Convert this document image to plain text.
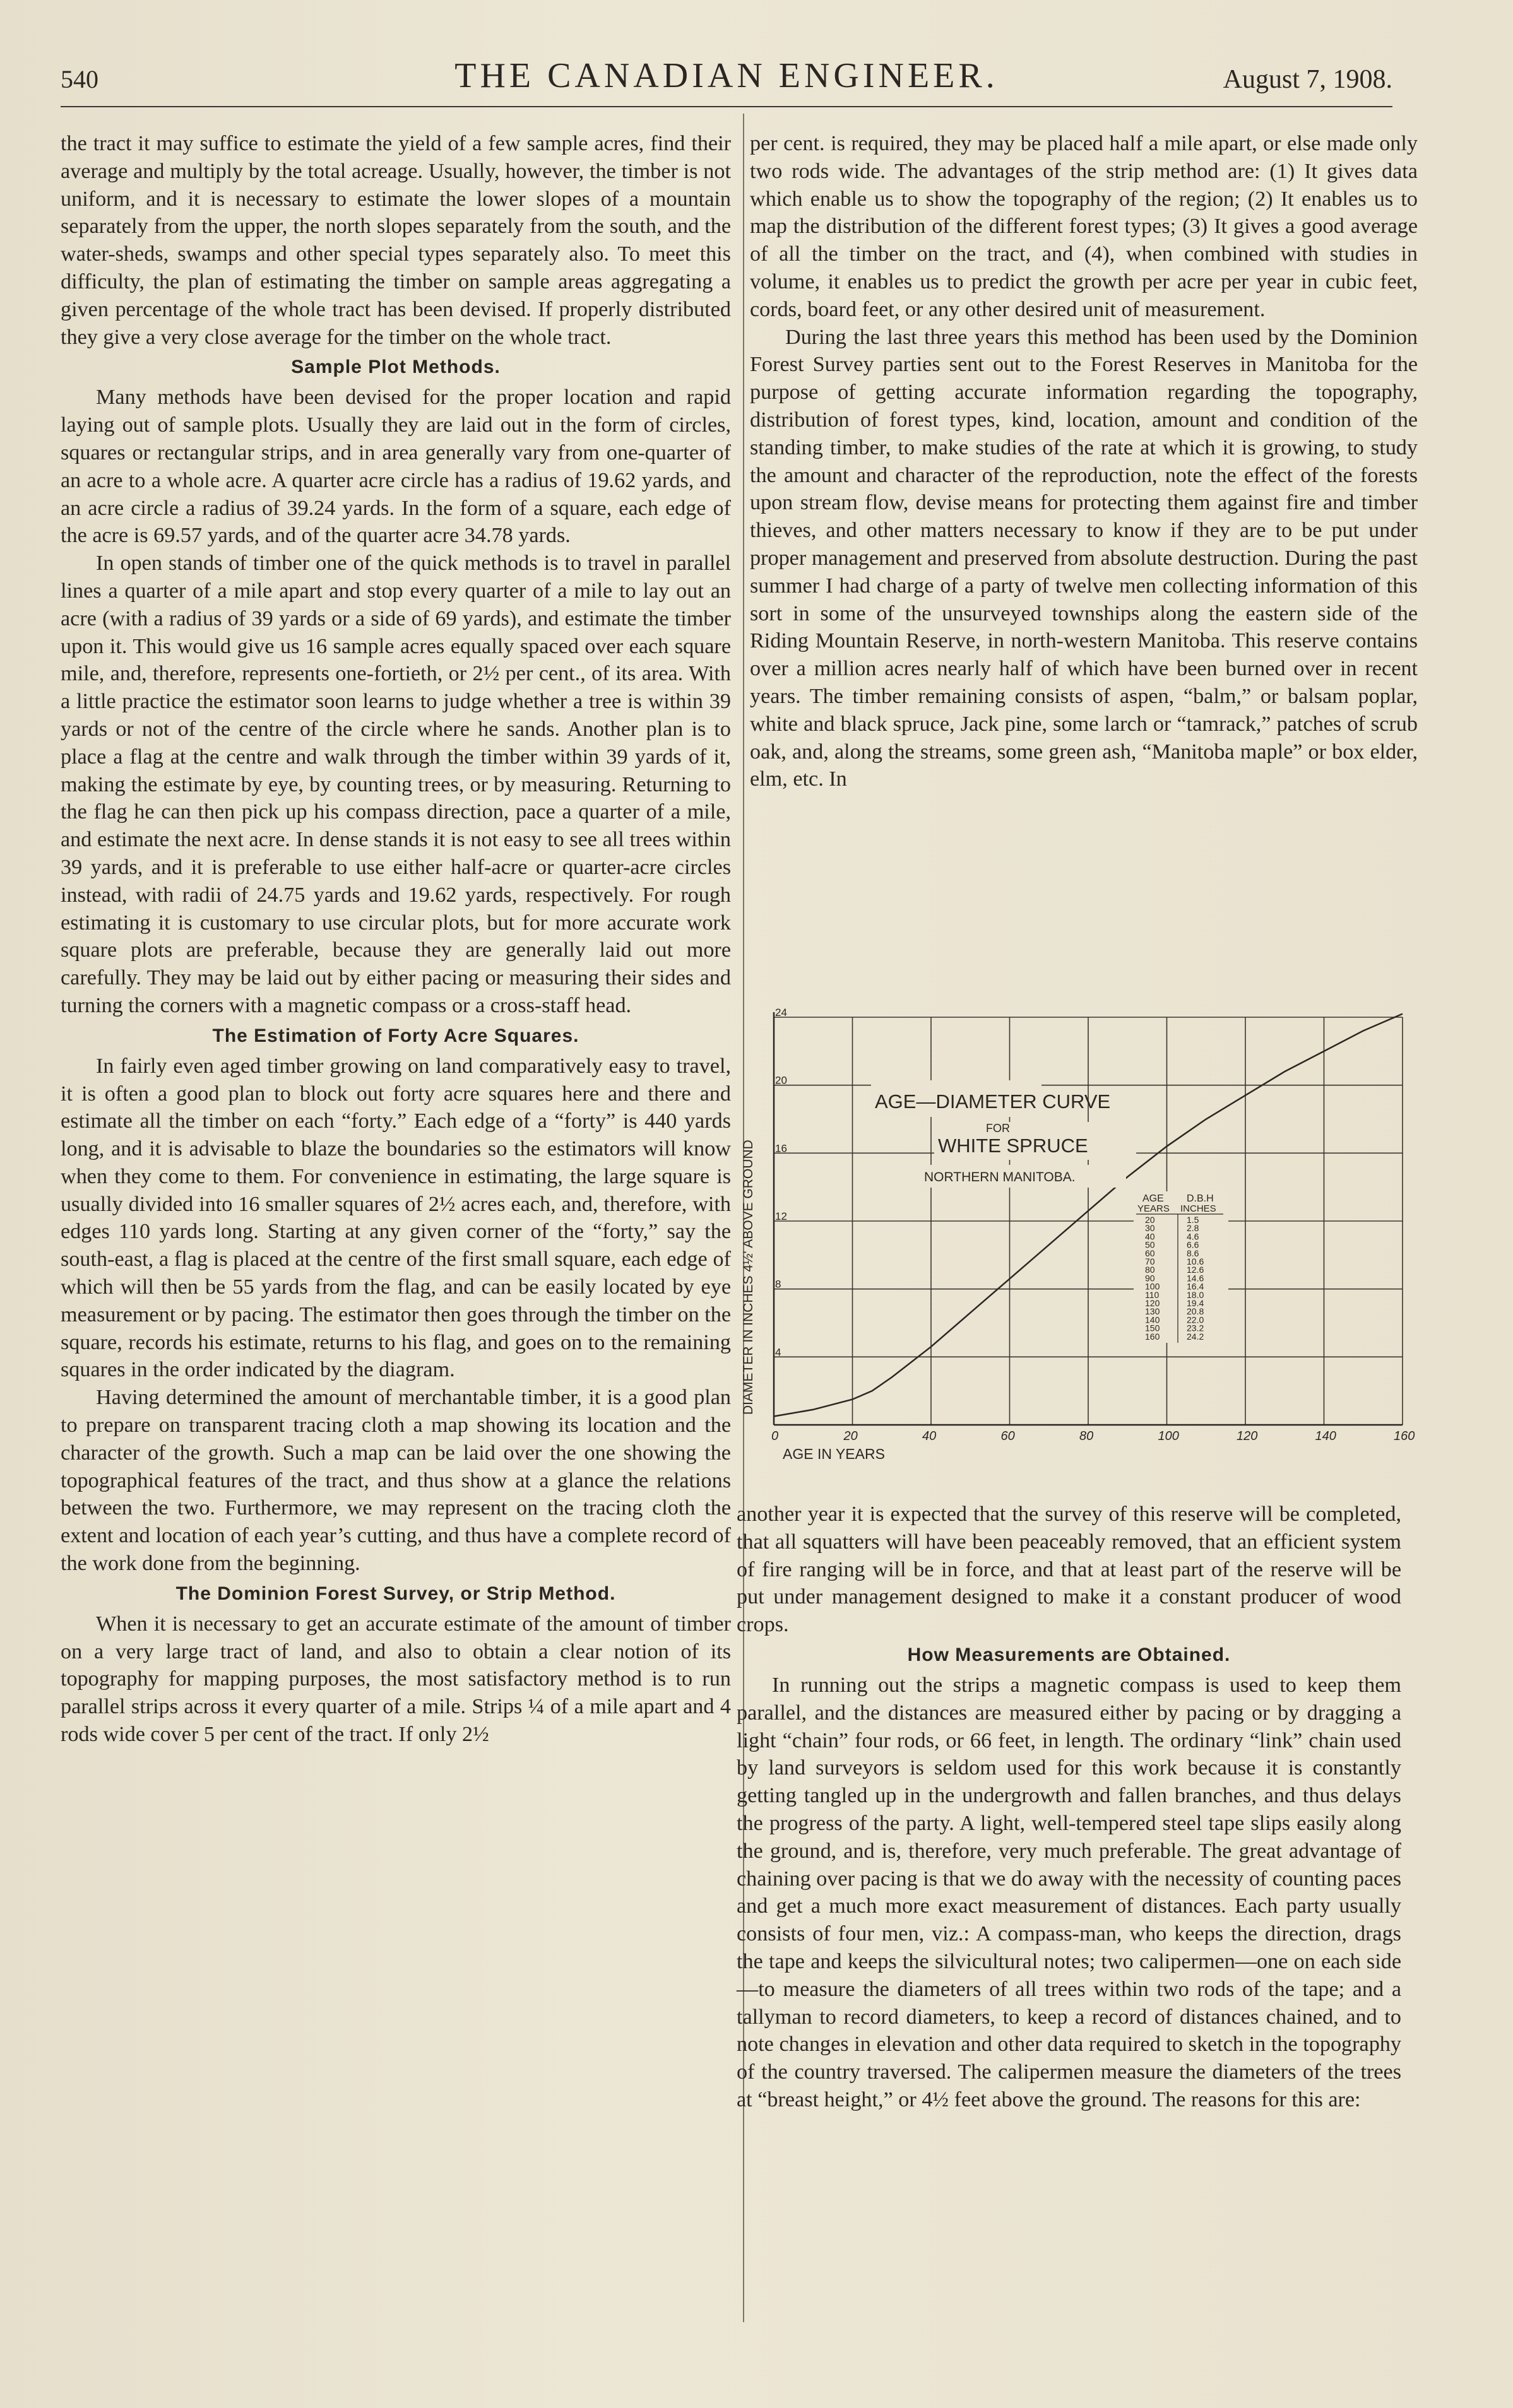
540	THE CANADIAN ENGINEER.	August 7, 1908.

the tract it may suffice to estimate the yield of a few sample acres, find their average and multiply by the total acreage. Usually, however, the timber is not uniform, and it is necessary to estimate the lower slopes of a mountain separately from the upper, the north slopes separately from the south, and the water-sheds, swamps and other special types separately also. To meet this difficulty, the plan of estimating the timber on sample areas aggregating a given percentage of the whole tract has been devised. If properly distributed they give a very close average for the timber on the whole tract.

Sample Plot Methods.

Many methods have been devised for the proper location and rapid laying out of sample plots. Usually they are laid out in the form of circles, squares or rectangular strips, and in area generally vary from one-quarter of an acre to a whole acre. A quarter acre circle has a radius of 19.62 yards, and an acre circle a radius of 39.24 yards. In the form of a square, each edge of the acre is 69.57 yards, and of the quarter acre 34.78 yards.

In open stands of timber one of the quick methods is to travel in parallel lines a quarter of a mile apart and stop every quarter of a mile to lay out an acre (with a radius of 39 yards or a side of 69 yards), and estimate the timber upon it. This would give us 16 sample acres equally spaced over each square mile, and, therefore, represents one-fortieth, or 2½ per cent., of its area. With a little practice the estimator soon learns to judge whether a tree is within 39 yards or not of the centre of the circle where he sands. Another plan is to place a flag at the centre and walk through the timber within 39 yards of it, making the estimate by eye, by counting trees, or by measuring. Returning to the flag he can then pick up his compass direction, pace a quarter of a mile, and estimate the next acre. In dense stands it is not easy to see all trees within 39 yards, and it is preferable to use either half-acre or quarter-acre circles instead, with radii of 24.75 yards and 19.62 yards, respectively. For rough estimating it is customary to use circular plots, but for more accurate work square plots are preferable, because they are generally laid out more carefully. They may be laid out by either pacing or measuring their sides and turning the corners with a magnetic compass or a cross-staff head.

The Estimation of Forty Acre Squares.

In fairly even aged timber growing on land comparatively easy to travel, it is often a good plan to block out forty acre squares here and there and estimate all the timber on each “forty.” Each edge of a “forty” is 440 yards long, and it is advisable to blaze the boundaries so the estimators will know when they come to them. For convenience in estimating, the large square is usually divided into 16 smaller squares of 2½ acres each, and, therefore, with edges 110 yards long. Starting at any given corner of the “forty,” say the south-east, a flag is placed at the centre of the first small square, each edge of which will then be 55 yards from the flag, and can be easily located by eye measurement or by pacing. The estimator then goes through the timber on the square, records his estimate, returns to his flag, and goes on to the remaining squares in the order indicated by the diagram.

Having determined the amount of merchantable timber, it is a good plan to prepare on transparent tracing cloth a map showing its location and the character of the growth. Such a map can be laid over the one showing the topographical features of the tract, and thus show at a glance the relations between the two. Furthermore, we may represent on the tracing cloth the extent and location of each year’s cutting, and thus have a complete record of the work done from the beginning.

The Dominion Forest Survey, or Strip Method.

When it is necessary to get an accurate estimate of the amount of timber on a very large tract of land, and also to obtain a clear notion of its topography for mapping purposes, the most satisfactory method is to run parallel strips across it every quarter of a mile. Strips ¼ of a mile apart and 4 rods wide cover 5 per cent of the tract. If only 2½

per cent. is required, they may be placed half a mile apart, or else made only two rods wide. The advantages of the strip method are: (1) It gives data which enable us to show the topography of the region; (2) It enables us to map the distribution of the different forest types; (3) It gives a good average of all the timber on the tract, and (4), when combined with studies in volume, it enables us to predict the growth per acre per year in cubic feet, cords, board feet, or any other desired unit of measurement.

During the last three years this method has been used by the Dominion Forest Survey parties sent out to the Forest Reserves in Manitoba for the purpose of getting accurate information regarding the topography, distribution of forest types, kind, location, amount and condition of the standing timber, to make studies of the rate at which it is growing, to study the amount and character of the reproduction, note the effect of the forests upon stream flow, devise means for protecting them against fire and timber thieves, and other matters necessary to know if they are to be put under proper management and preserved from absolute destruction. During the past summer I had charge of a party of twelve men collecting information of this sort in some of the unsurveyed townships along the eastern side of the Riding Mountain Reserve, in north-western Manitoba. This reserve contains over a million acres nearly half of which have been burned over in recent years. The timber remaining consists of aspen, “balm,” or balsam poplar, white and black spruce, Jack pine, some larch or “tamrack,” patches of scrub oak, and, along the streams, some green ash, “Manitoba maple” or box elder, elm, etc. In

0	20	40	60	80	100	120	140	160
4
8
12
16
20
24
AGE—DIAMETER CURVE
FOR
WHITE SPRUCE
NORTHERN MANITOBA.
AGE IN YEARS
DIAMETER IN INCHES 4½' ABOVE GROUND	AGE
YEARS
D.B.H
INCHES
20	1.5
30	2.8
40	4.6
50	6.6
60	8.6
70	10.6
80	12.6
90	14.6
100	16.4
110	18.0
120	19.4
130	20.8
140	22.0
150	23.2
160	24.2

another year it is expected that the survey of this reserve will be completed, that all squatters will have been peaceably removed, that an efficient system of fire ranging will be in force, and that at least part of the reserve will be put under management designed to make it a constant producer of wood crops.

How Measurements are Obtained.

In running out the strips a magnetic compass is used to keep them parallel, and the distances are measured either by pacing or by dragging a light “chain” four rods, or 66 feet, in length. The ordinary “link” chain used by land surveyors is seldom used for this work because it is constantly getting tangled up in the undergrowth and fallen branches, and thus delays the progress of the party. A light, well-tempered steel tape slips easily along the ground, and is, therefore, very much preferable. The great advantage of chaining over pacing is that we do away with the necessity of counting paces and get a much more exact measurement of distances. Each party usually consists of four men, viz.: A compass-man, who keeps the direction, drags the tape and keeps the silvicultural notes; two calipermen—one on each side—to measure the diameters of all trees within two rods of the tape; and a tallyman to record diameters, to keep a record of distances chained, and to note changes in elevation and other data required to sketch in the topography of the country traversed. The calipermen measure the diameters of the trees at “breast height,” or 4½ feet above the ground. The reasons for this are:
